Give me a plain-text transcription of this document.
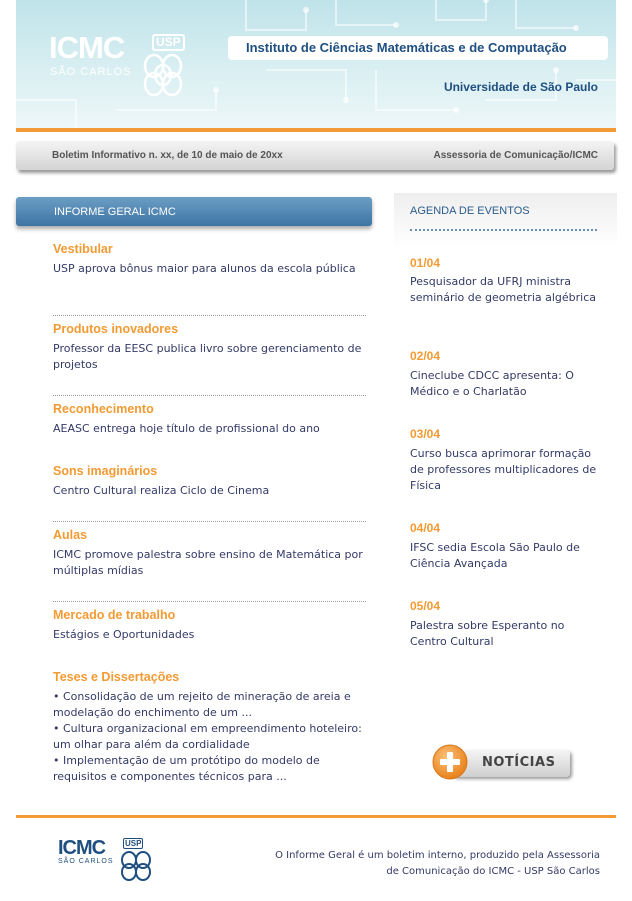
Instituto de Ciências Matemáticas e de Computação
Universidade de São Paulo
ICMC	USP
SÃO CARLOS
Boletim Informativo n. xx, de 10 de maio de 20xx	Assessoria de Comunicação/ICMC
INFORME GERAL ICMC
Vestibular
USP aprova bônus maior para alunos da escola pública
Produtos inovadores
Professor da EESC publica livro sobre gerenciamento de projetos
Reconhecimento
AEASC entrega hoje título de profissional do ano
Sons imaginários
Centro Cultural realiza Ciclo de Cinema
Aulas
ICMC promove palestra sobre ensino de Matemática por múltiplas mídias
Mercado de trabalho
Estágios e Oportunidades
Teses e Dissertações
• Consolidação de um rejeito de mineração de areia e modelação do enchimento de um ...
• Cultura organizacional em empreendimento hoteleiro: um olhar para além da cordialidade
• Implementação de um protótipo do modelo de requisitos e componentes técnicos para ...
AGENDA DE EVENTOS
01/04
Pesquisador da UFRJ ministra seminário de geometria algébrica
02/04
Cineclube CDCC apresenta: O Médico e o Charlatão
03/04
Curso busca aprimorar formação de professores multiplicadores de Física
04/04
IFSC sedia Escola São Paulo de Ciência Avançada
05/04
Palestra sobre Esperanto no Centro Cultural
NOTÍCIAS
ICMC USP
SÃO CARLOS
O Informe Geral é um boletim interno, produzido pela Assessoria de Comunicação do ICMC - USP São Carlos
